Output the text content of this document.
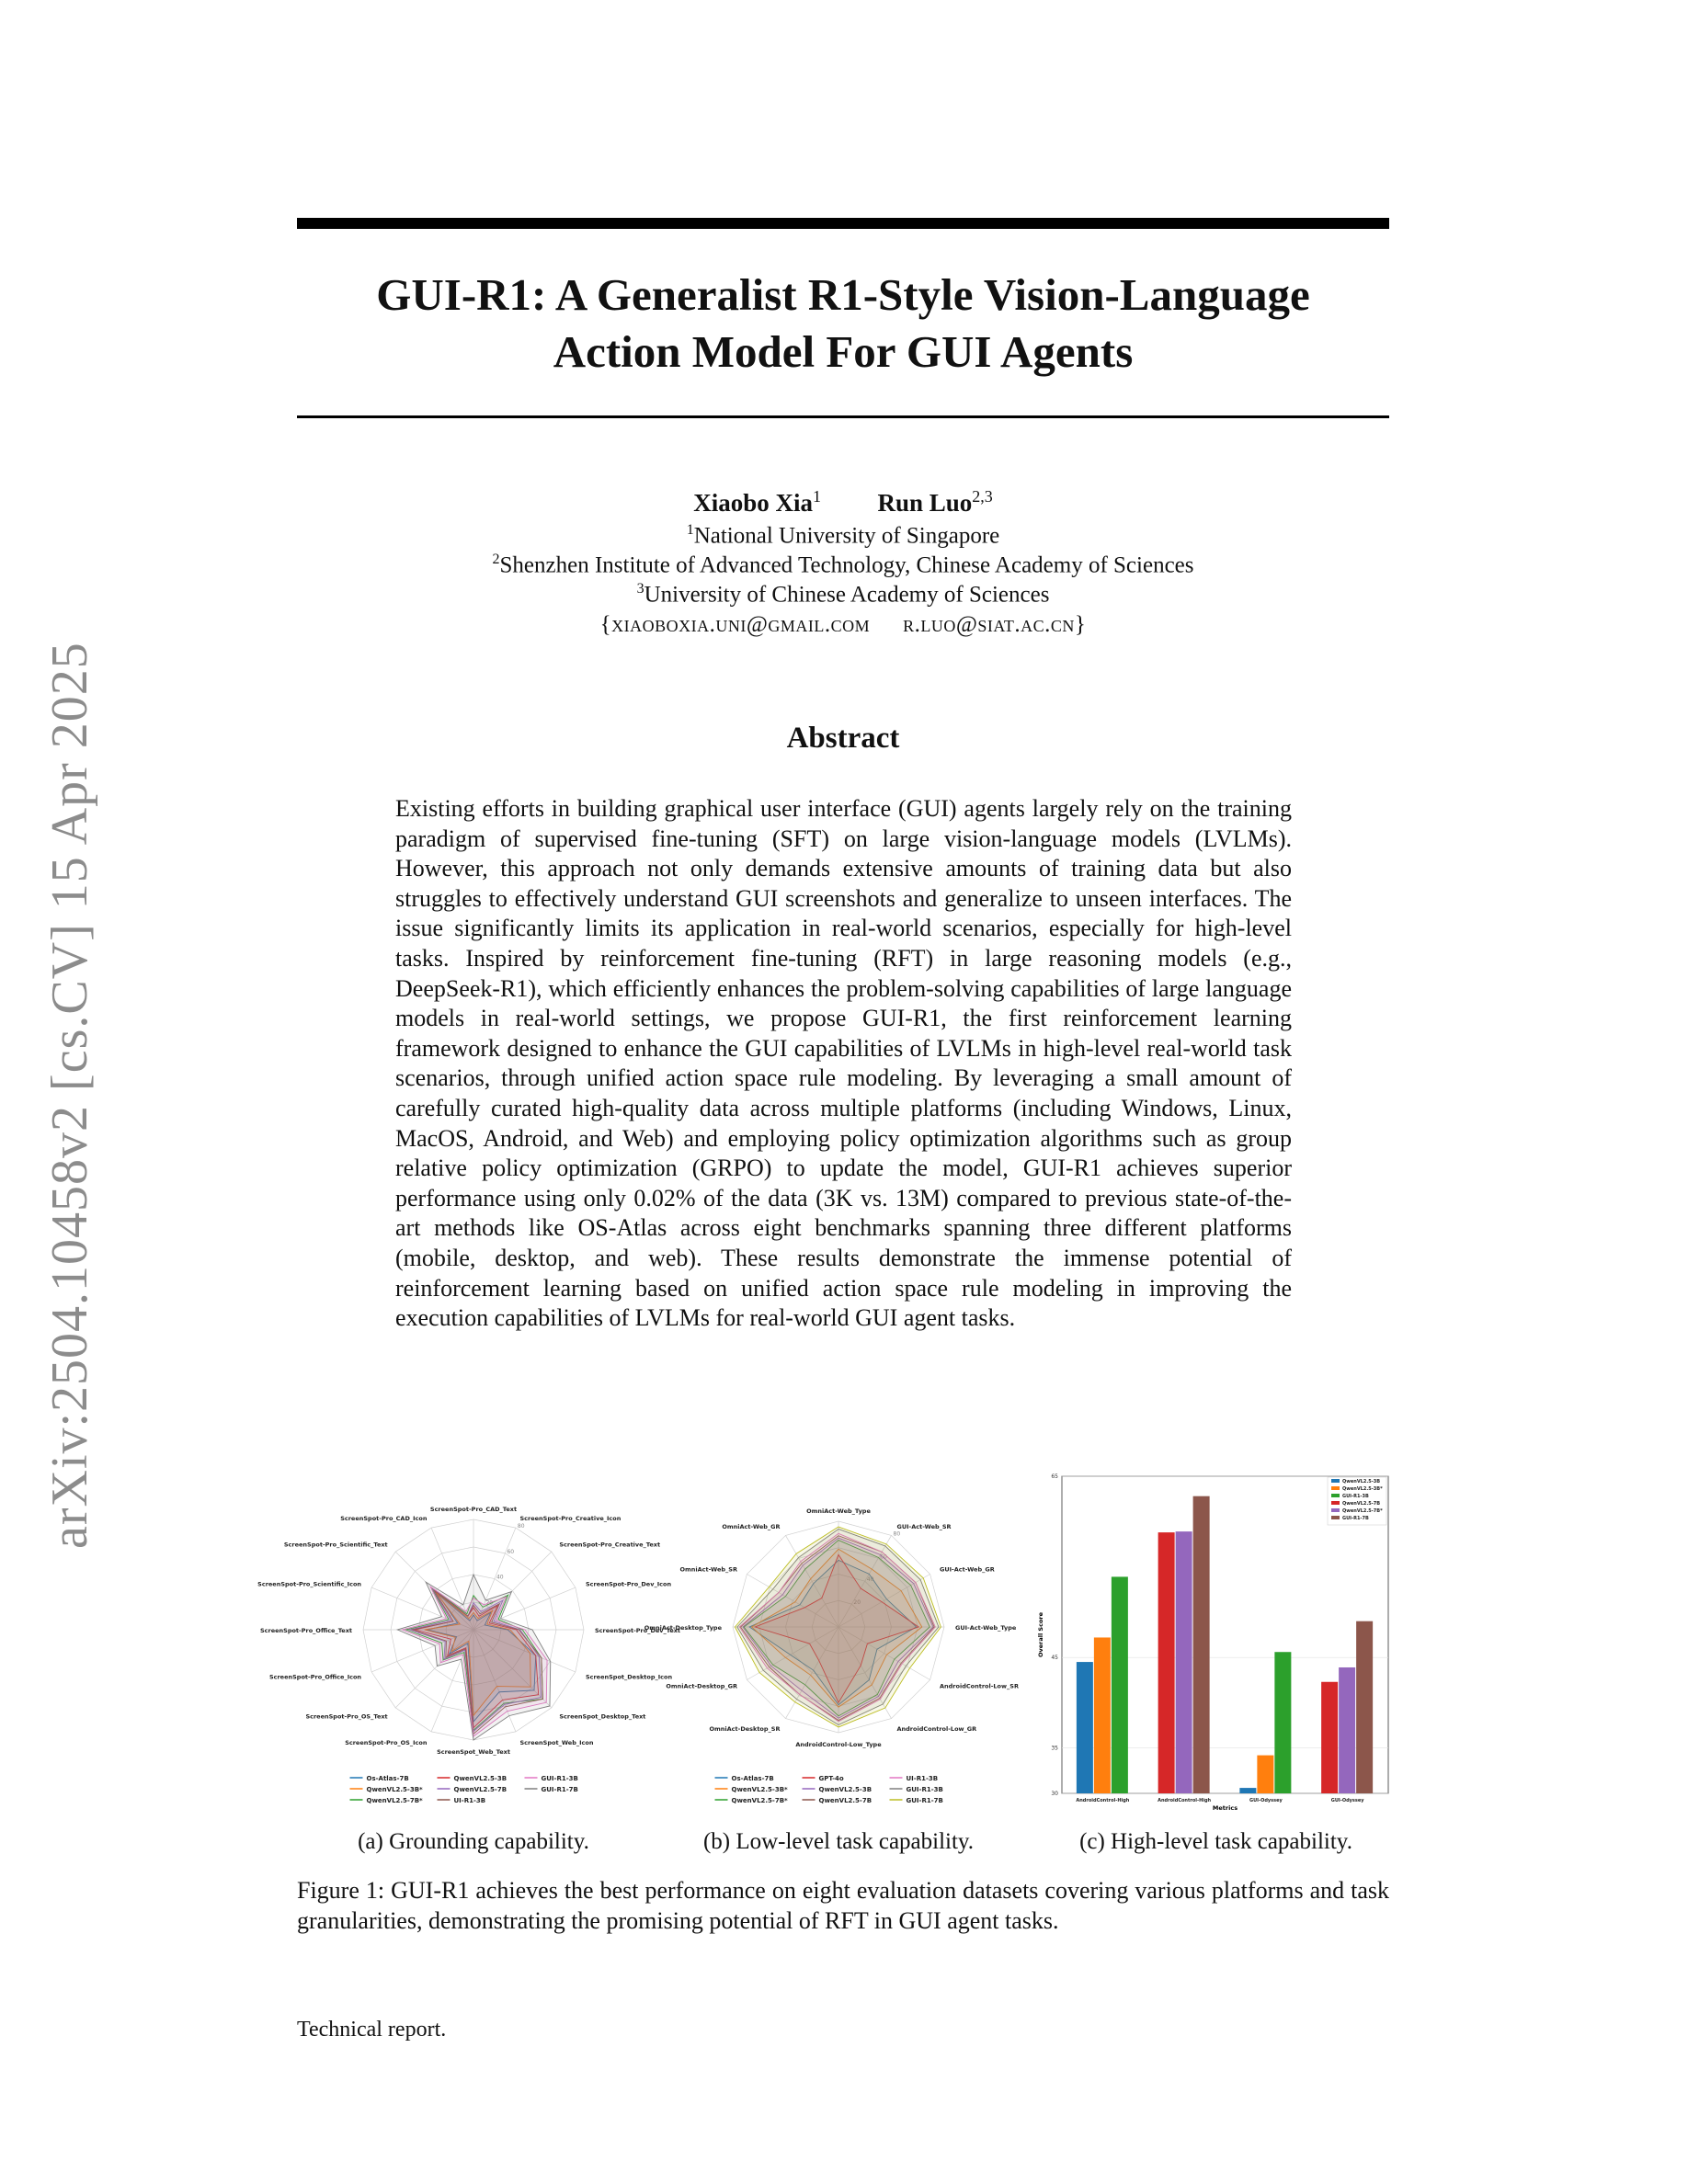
arXiv:2504.10458v2 [cs.CV] 15 Apr 2025
GUI-R1: A Generalist R1-Style Vision-Language
Action Model For GUI Agents
Xiaobo Xia$^1$ Run Luo$^{2,3}$
$^1$National University of Singapore
$^2$Shenzhen Institute of Advanced Technology, Chinese Academy of Sciences
$^3$University of Chinese Academy of Sciences
{xiaoboxia.uni@gmail.com r.luo@siat.ac.cn}
Abstract
Existing efforts in building graphical user interface (GUI) agents largely rely on the training paradigm of supervised fine-tuning (SFT) on large vision-language models (LVLMs). However, this approach not only demands extensive amounts of training data but also struggles to effectively understand GUI screenshots and generalize to unseen interfaces. The issue significantly limits its application in real-world scenarios, especially for high-level tasks. Inspired by reinforcement fine-tuning (RFT) in large reasoning models (e.g., DeepSeek-R1), which efficiently enhances the problem-solving capabilities of large language models in real-world settings, we propose GUI-R1, the first reinforcement learning framework designed to enhance the GUI capabilities of LVLMs in high-level real-world task scenarios, through unified action space rule modeling. By leveraging a small amount of carefully curated high-quality data across multiple platforms (including Windows, Linux, MacOS, Android, and Web) and employing policy optimization algorithms such as group relative policy optimization (GRPO) to update the model, GUI-R1 achieves superior performance using only 0.02% of the data (3K vs. 13M) compared to previous state-of-the-art methods like OS-Atlas across eight benchmarks spanning three different platforms (mobile, desktop, and web). These results demonstrate the immense potential of reinforcement learning based on unified action space rule modeling in improving the execution capabilities of LVLMs for real-world GUI agent tasks.
20
40
60
80
ScreenSpot-Pro_CAD_Text
ScreenSpot-Pro_Creative_Icon
ScreenSpot-Pro_Creative_Text
ScreenSpot-Pro_Dev_Icon
ScreenSpot-Pro_Dev_Text
ScreenSpot_Desktop_Icon
ScreenSpot_Desktop_Text
ScreenSpot_Web_Icon
ScreenSpot_Web_Text
ScreenSpot-Pro_OS_Icon
ScreenSpot-Pro_OS_Text
ScreenSpot-Pro_Office_Icon
ScreenSpot-Pro_Office_Text
ScreenSpot-Pro_Scientific_Icon
ScreenSpot-Pro_Scientific_Text
ScreenSpot-Pro_CAD_Icon
Os-Atlas-7B
QwenVL2.5-3B*
QwenVL2.5-7B*
QwenVL2.5-3B
QwenVL2.5-7B
UI-R1-3B
GUI-R1-3B
GUI-R1-7B
20
40
60
80
OmniAct-Web_Type
GUI-Act-Web_SR
GUI-Act-Web_GR
GUI-Act-Web_Type
AndroidControl-Low_SR
AndroidControl-Low_GR
AndroidControl-Low_Type
OmniAct-Desktop_SR
OmniAct-Desktop_GR
OmniAct-Desktop_Type
OmniAct-Web_SR
OmniAct-Web_GR
Os-Atlas-7B
QwenVL2.5-3B*
QwenVL2.5-7B*
GPT-4o
QwenVL2.5-3B
QwenVL2.5-7B
UI-R1-3B
GUI-R1-3B
GUI-R1-7B
30
35
45
65
Overall Score
AndroidControl-High	AndroidControl-High	GUI-Odyssey	GUI-Odyssey
Metrics
QwenVL2.5-3B
QwenVL2.5-3B*
GUI-R1-3B
QwenVL2.5-7B
QwenVL2.5-7B*
GUI-R1-7B
(a) Grounding capability.	(b) Low-level task capability.	(c) High-level task capability.
Figure 1: GUI-R1 achieves the best performance on eight evaluation datasets covering various platforms and task granularities, demonstrating the promising potential of RFT in GUI agent tasks.
Technical report.
